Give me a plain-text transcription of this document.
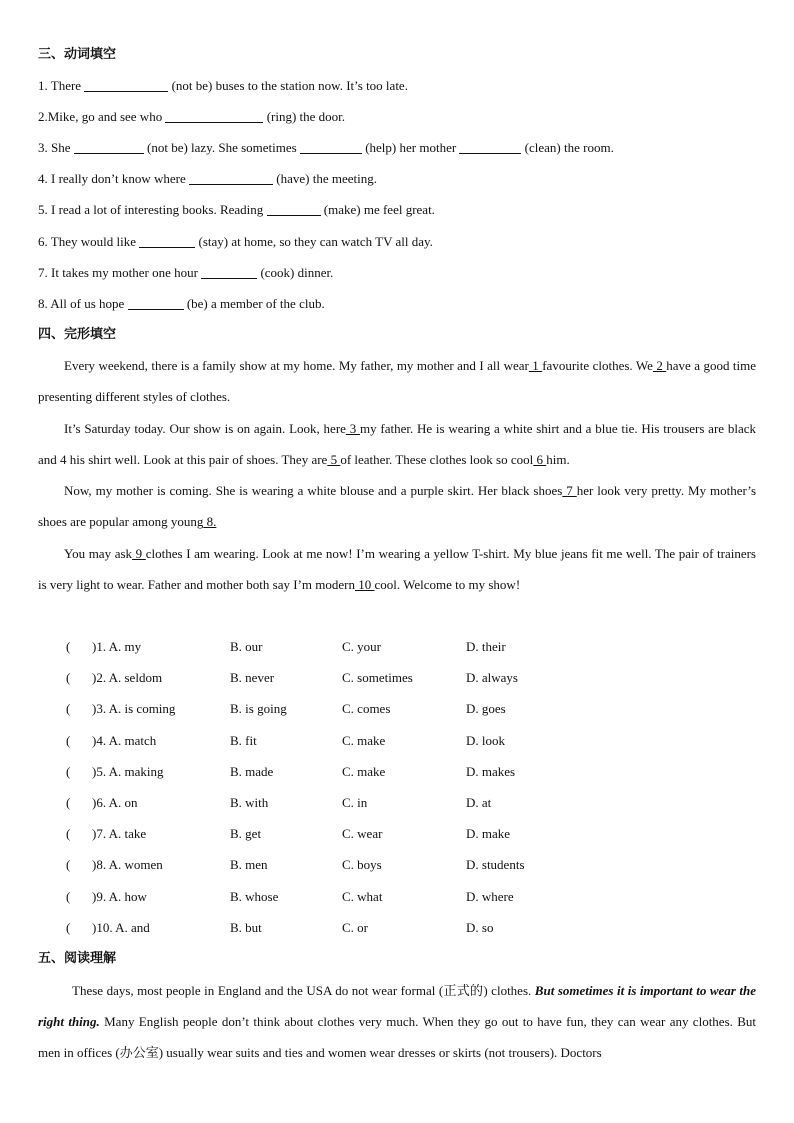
三、动词填空
1. There	(not be) buses to the station now. It’s too late.
2.Mike, go and see who	(ring) the door.
3. She	(not be) lazy. She sometimes	(help) her mother	(clean) the room.
4. I really don’t know where	(have) the meeting.
5. I read a lot of interesting books. Reading	(make) me feel great.
6. They would like	(stay) at home, so they can watch TV all day.
7. It takes my mother one hour	(cook) dinner.
8. All of us hope	(be) a member of the club.
四、完形填空
Every weekend, there is a family show at my home. My father, my mother and I all wear 1 favourite clothes. We 2 have a good time presenting different styles of clothes.
It’s Saturday today. Our show is on again. Look, here 3 my father. He is wearing a white shirt and a blue tie. His trousers are black and 4 his shirt well. Look at this pair of shoes. They are 5 of leather. These clothes look so cool 6 him.
Now, my mother is coming. She is wearing a white blouse and a purple skirt. Her black shoes 7 her look very pretty. My mother’s shoes are popular among young 8.
You may ask 9 clothes I am wearing. Look at me now! I’m wearing a yellow T-shirt. My blue jeans fit me well. The pair of trainers is very light to wear. Father and mother both say I’m modern 10 cool. Welcome to my show!
( )1. A. my	B. our	C. your	D. their
( )2. A. seldom	B. never	C. sometimes	D. always
( )3. A. is coming	B. is going	C. comes	D. goes
( )4. A. match	B. fit	C. make	D. look
( )5. A. making	B. made	C. make	D. makes
( )6. A. on	B. with	C. in	D. at
( )7. A. take	B. get	C. wear	D. make
( )8. A. women	B. men	C. boys	D. students
( )9. A. how	B. whose	C. what	D. where
( )10. A. and	B. but	C. or	D. so
五、阅读理解
These days, most people in England and the USA do not wear formal (正式的) clothes. But sometimes it is important to wear the right thing. Many English people don’t think about clothes very much. When they go out to have fun, they can wear any clothes. But men in offices (办公室) usually wear suits and ties and women wear dresses or skirts (not trousers). Doctors
